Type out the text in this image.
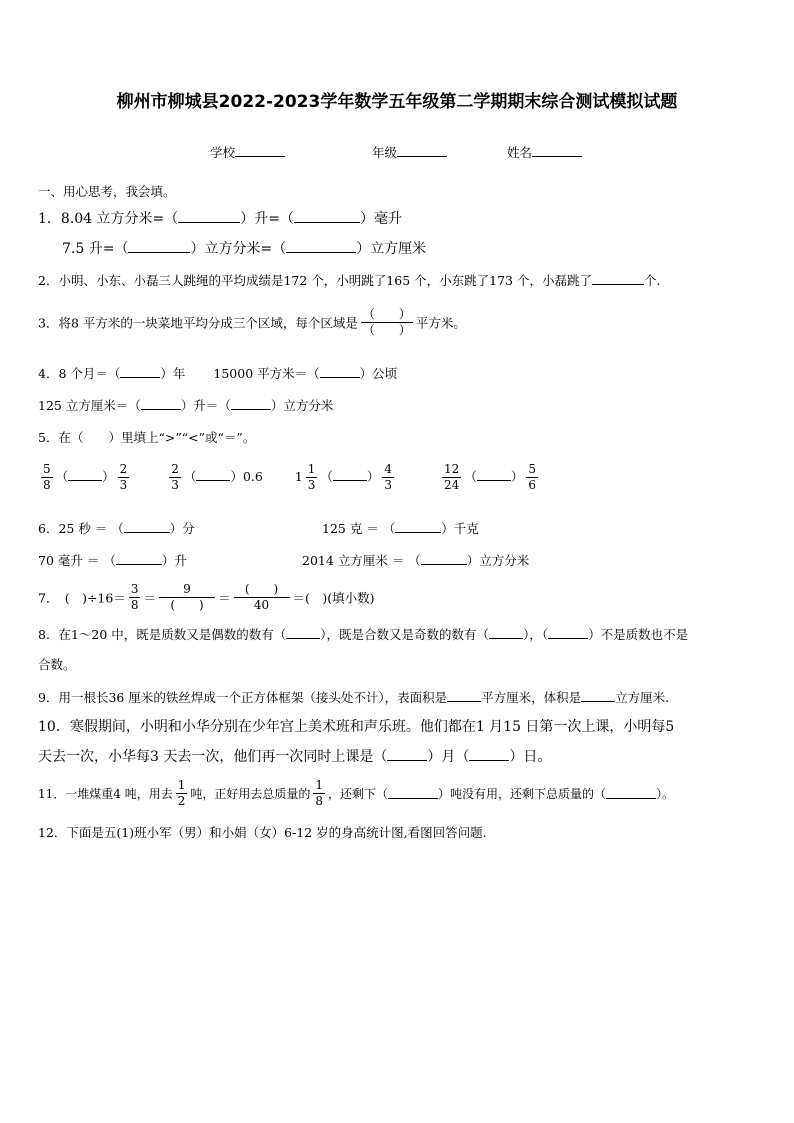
柳州市柳城县2022-2023学年数学五年级第二学期期末综合测试模拟试题
学校	年级	姓名
一、用心思考，我会填。
1．8.04 立方分米=（	）升=（	）毫升
7.5 升=（	）立方分米=（	）立方厘米
2．小明、小东、小磊三人跳绳的平均成绩是172 个，小明跳了165 个，小东跳了173 个，小磊跳了	个.
3．将8 平方米的一块菜地平均分成三个区域，每个区域是 $\frac{( )}{( )}$ 平方米。
4．8 个月＝（	）年 15000 平方米＝（	）公顷
125 立方厘米＝（	）升＝（	）立方分米
5．在（　　）里填上“>”“<”或“＝”。
$\frac{5}{8}$ （	） $\frac{2}{3}$
	$\frac{2}{3}$ （	）0.6	$1 \frac{1}{3}$ （	） $\frac{4}{3}$
	$\frac{12}{24}$ （	） $\frac{5}{6}$
6．25 秒 ＝ （	）分	125 克 ＝ （	）千克
70 毫升 ＝ （	）升	2014 立方厘米 ＝ （	）立方分米
7．　(　)$\div 16= \frac{3}{8} = \frac{9}{( )} = \frac{( )}{40}$ ＝(　)(填小数)
8．在1～20 中，既是质数又是偶数的数有（	），既是合数又是奇数的数有（	），（	）不是质数也不是
合数。
9．用一根长36 厘米的铁丝焊成一个正方体框架（接头处不计），表面积是	平方厘米，体积是	立方厘米.
10．寒假期间，小明和小华分别在少年宫上美术班和声乐班。他们都在1 月15 日第一次上课，小明每5
天去一次，小华每3 天去一次，他们再一次同时上课是（	）月（	）日。
11．一堆煤重4 吨，用去 $\frac{1}{2}$ 吨，正好用去总质量的 $\frac{1}{8}$ ，还剩下（	）吨没有用，还剩下总质量的（	）。
12．下面是五(1)班小军（男）和小娟（女）6-12 岁的身高统计图,看图回答问题.
